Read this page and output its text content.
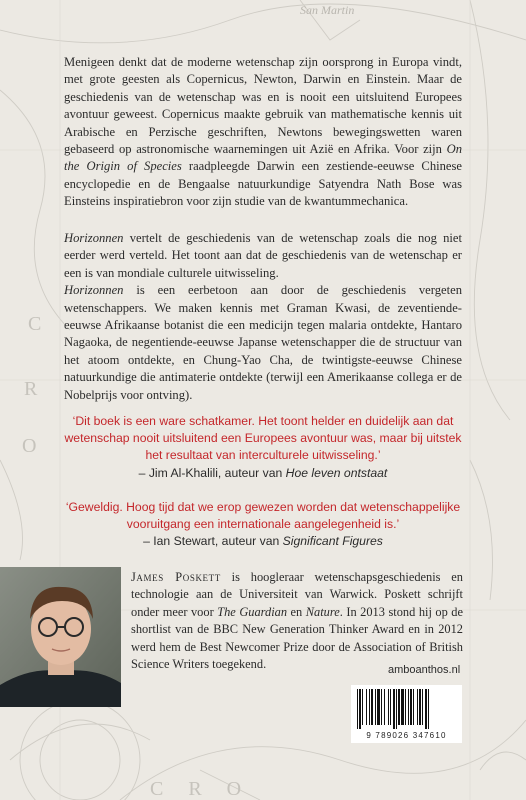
San Martin
C
R
O
C R O

Menigeen denkt dat de moderne wetenschap zijn oorsprong in Europa vindt, met grote geesten als Copernicus, Newton, Darwin en Einstein. Maar de geschiedenis van de wetenschap was en is nooit een uitsluitend Europees avontuur geweest. Copernicus maakte gebruik van mathematische kennis uit Arabische en Perzische geschriften, Newtons bewegingswetten waren gebaseerd op astronomische waarnemingen uit Azië en Afrika. Voor zijn On the Origin of Species raadpleegde Darwin een zestiende-eeuwse Chinese encyclopedie en de Bengaalse natuurkundige Satyendra Nath Bose was Einsteins inspiratiebron voor zijn studie van de kwantummechanica.

Horizonnen vertelt de geschiedenis van de wetenschap zoals die nog niet eerder werd verteld. Het toont aan dat de geschiedenis van de wetenschap er een is van mondiale culturele uitwisseling.

Horizonnen is een eerbetoon aan door de geschiedenis vergeten wetenschappers. We maken kennis met Graman Kwasi, de zeventiende-eeuwse Afrikaanse botanist die een medicijn tegen malaria ontdekte, Hantaro Nagaoka, de negentiende-eeuwse Japanse wetenschapper die de structuur van het atoom ontdekte, en Chung-Yao Cha, de twintigste-eeuwse Chinese natuurkundige die antimaterie ontdekte (terwijl een Amerikaanse collega er de Nobelprijs voor ontving).

‘Dit boek is een ware schatkamer. Het toont helder en duidelijk aan dat wetenschap nooit uitsluitend een Europees avontuur was, maar bij uitstek het resultaat van interculturele uitwisseling.’
– Jim Al-Khalili, auteur van Hoe leven ontstaat
‘Geweldig. Hoog tijd dat we erop gewezen worden dat wetenschappelijke vooruitgang een internationale aangelegenheid is.’
– Ian Stewart, auteur van Significant Figures

James Poskett is hoogleraar wetenschapsgeschiedenis en technologie aan de Universiteit van Warwick. Poskett schrijft onder meer voor The Guardian en Nature. In 2013 stond hij op de shortlist van de BBC New Generation Thinker Award en in 2012 werd hem de Best Newcomer Prize door de Association of British Science Writers toegekend.	amboanthos.nl
9 789026 347610
